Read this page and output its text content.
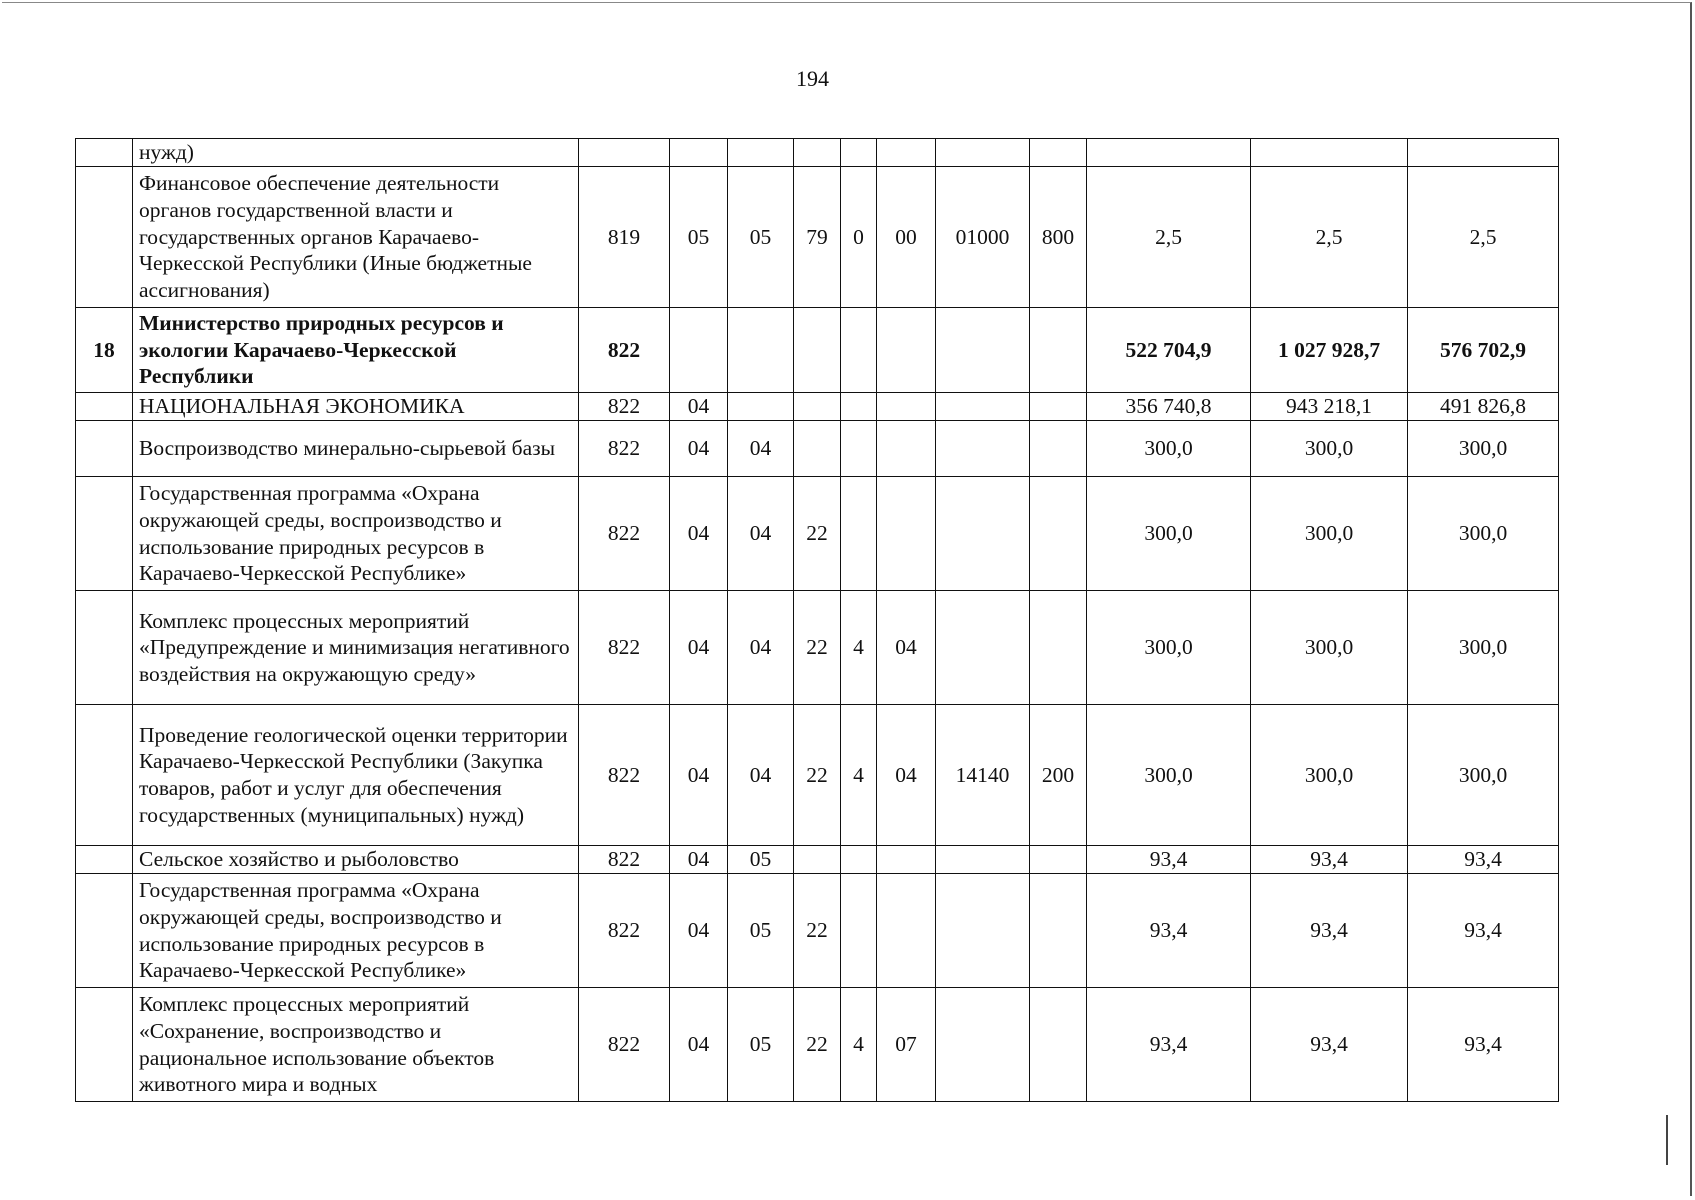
194
	нужд)											
	Финансовое обеспечение деятельности органов государственной власти и государственных органов Карачаево-Черкесской Республики (Иные бюджетные ассигнования)	819	05	05	79	0	00	01000	800	2,5	2,5	2,5
18	Министерство природных ресурсов и экологии Карачаево-Черкесской Республики	822								522 704,9	1 027 928,7	576 702,9
	НАЦИОНАЛЬНАЯ ЭКОНОМИКА	822	04							356 740,8	943 218,1	491 826,8
	Воспроизводство минерально-сырьевой базы	822	04	04						300,0	300,0	300,0
	Государственная программа «Охрана окружающей среды, воспроизводство и использование природных ресурсов в Карачаево-Черкесской Республике»	822	04	04	22					300,0	300,0	300,0
	Комплекс процессных мероприятий «Предупреждение и минимизация негативного воздействия на окружающую среду»	822	04	04	22	4	04			300,0	300,0	300,0
	Проведение геологической оценки территории Карачаево-Черкесской Республики (Закупка товаров, работ и услуг для обеспечения государственных (муниципальных) нужд)	822	04	04	22	4	04	14140	200	300,0	300,0	300,0
	Сельское хозяйство и рыболовство	822	04	05						93,4	93,4	93,4
	Государственная программа «Охрана окружающей среды, воспроизводство и использование природных ресурсов в Карачаево-Черкесской Республике»	822	04	05	22					93,4	93,4	93,4
	Комплекс процессных мероприятий «Сохранение, воспроизводство и рациональное использование объектов животного мира и водных	822	04	05	22	4	07			93,4	93,4	93,4
